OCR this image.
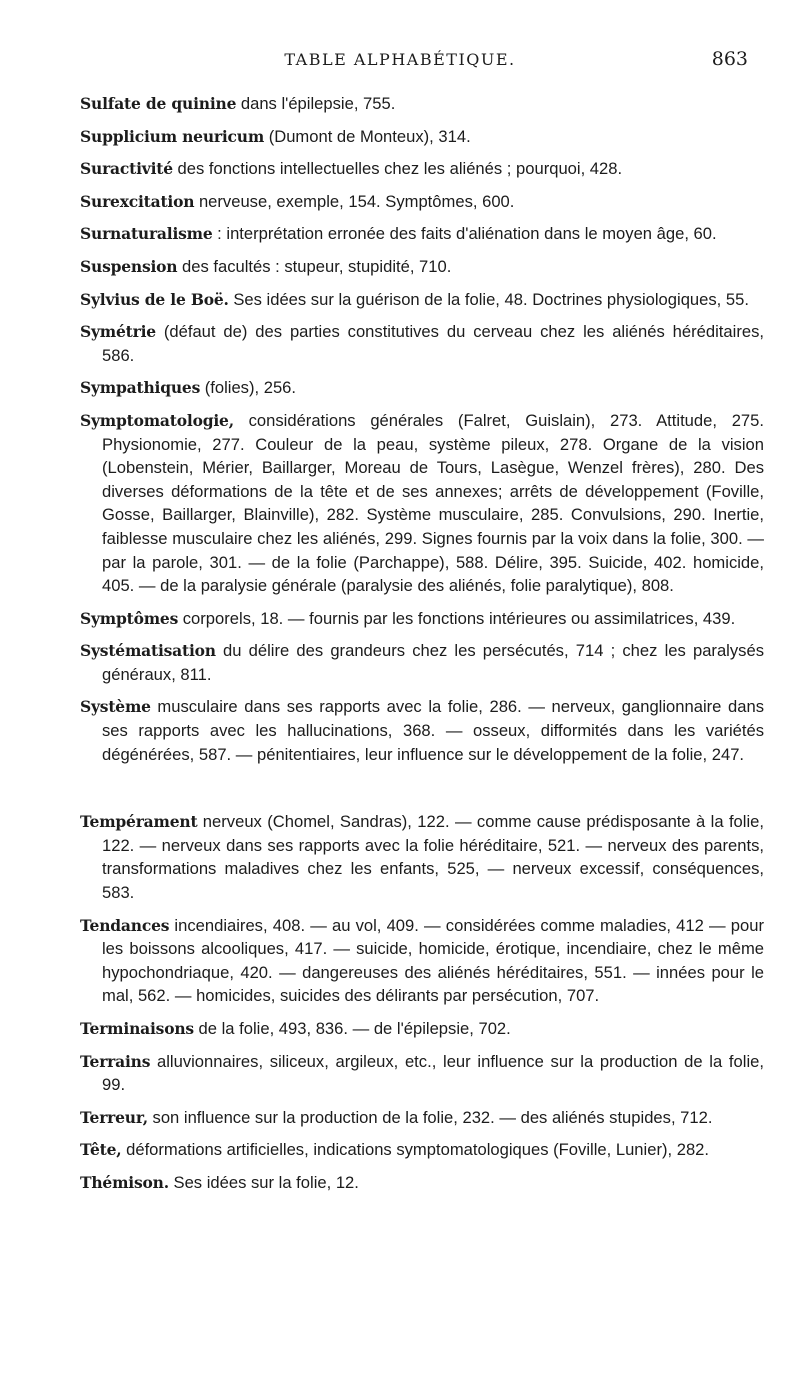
TABLE ALPHABÉTIQUE.	863

Sulfate de quinine dans l'épilepsie, 755.

Supplicium neuricum (Dumont de Monteux), 314.

Suractivité des fonctions intellectuelles chez les aliénés ; pourquoi, 428.

Surexcitation nerveuse, exemple, 154. Symptômes, 600.

Surnaturalisme : interprétation erronée des faits d'aliénation dans le moyen âge, 60.

Suspension des facultés : stupeur, stupidité, 710.

Sylvius de le Boë. Ses idées sur la guérison de la folie, 48. Doctrines physiologiques, 55.

Symétrie (défaut de) des parties constitutives du cerveau chez les aliénés héréditaires, 586.

Sympathiques (folies), 256.

Symptomatologie, considérations générales (Falret, Guislain), 273. Attitude, 275. Physionomie, 277. Couleur de la peau, système pileux, 278. Organe de la vision (Lobenstein, Mérier, Baillarger, Moreau de Tours, Lasègue, Wenzel frères), 280. Des diverses déformations de la tête et de ses annexes; arrêts de développement (Foville, Gosse, Baillarger, Blainville), 282. Système musculaire, 285. Convulsions, 290. Inertie, faiblesse musculaire chez les aliénés, 299. Signes fournis par la voix dans la folie, 300. — par la parole, 301. — de la folie (Parchappe), 588. Délire, 395. Suicide, 402. homicide, 405. — de la paralysie générale (paralysie des aliénés, folie paralytique), 808.

Symptômes corporels, 18. — fournis par les fonctions intérieures ou assimilatrices, 439.

Systématisation du délire des grandeurs chez les persécutés, 714 ; chez les paralysés généraux, 811.

Système musculaire dans ses rapports avec la folie, 286. — nerveux, ganglionnaire dans ses rapports avec les hallucinations, 368. — osseux, difformités dans les variétés dégénérées, 587. — pénitentiaires, leur influence sur le développement de la folie, 247.

Tempérament nerveux (Chomel, Sandras), 122. — comme cause prédisposante à la folie, 122. — nerveux dans ses rapports avec la folie héréditaire, 521. — nerveux des parents, transformations maladives chez les enfants, 525, — nerveux excessif, conséquences, 583.

Tendances incendiaires, 408. — au vol, 409. — considérées comme maladies, 412 — pour les boissons alcooliques, 417. — suicide, homicide, érotique, incendiaire, chez le même hypochondriaque, 420. — dangereuses des aliénés héréditaires, 551. — innées pour le mal, 562. — homicides, suicides des délirants par persécution, 707.

Terminaisons de la folie, 493, 836. — de l'épilepsie, 702.

Terrains alluvionnaires, siliceux, argileux, etc., leur influence sur la production de la folie, 99.

Terreur, son influence sur la production de la folie, 232. — des aliénés stupides, 712.

Tête, déformations artificielles, indications symptomatologiques (Foville, Lunier), 282.

Thémison. Ses idées sur la folie, 12.
